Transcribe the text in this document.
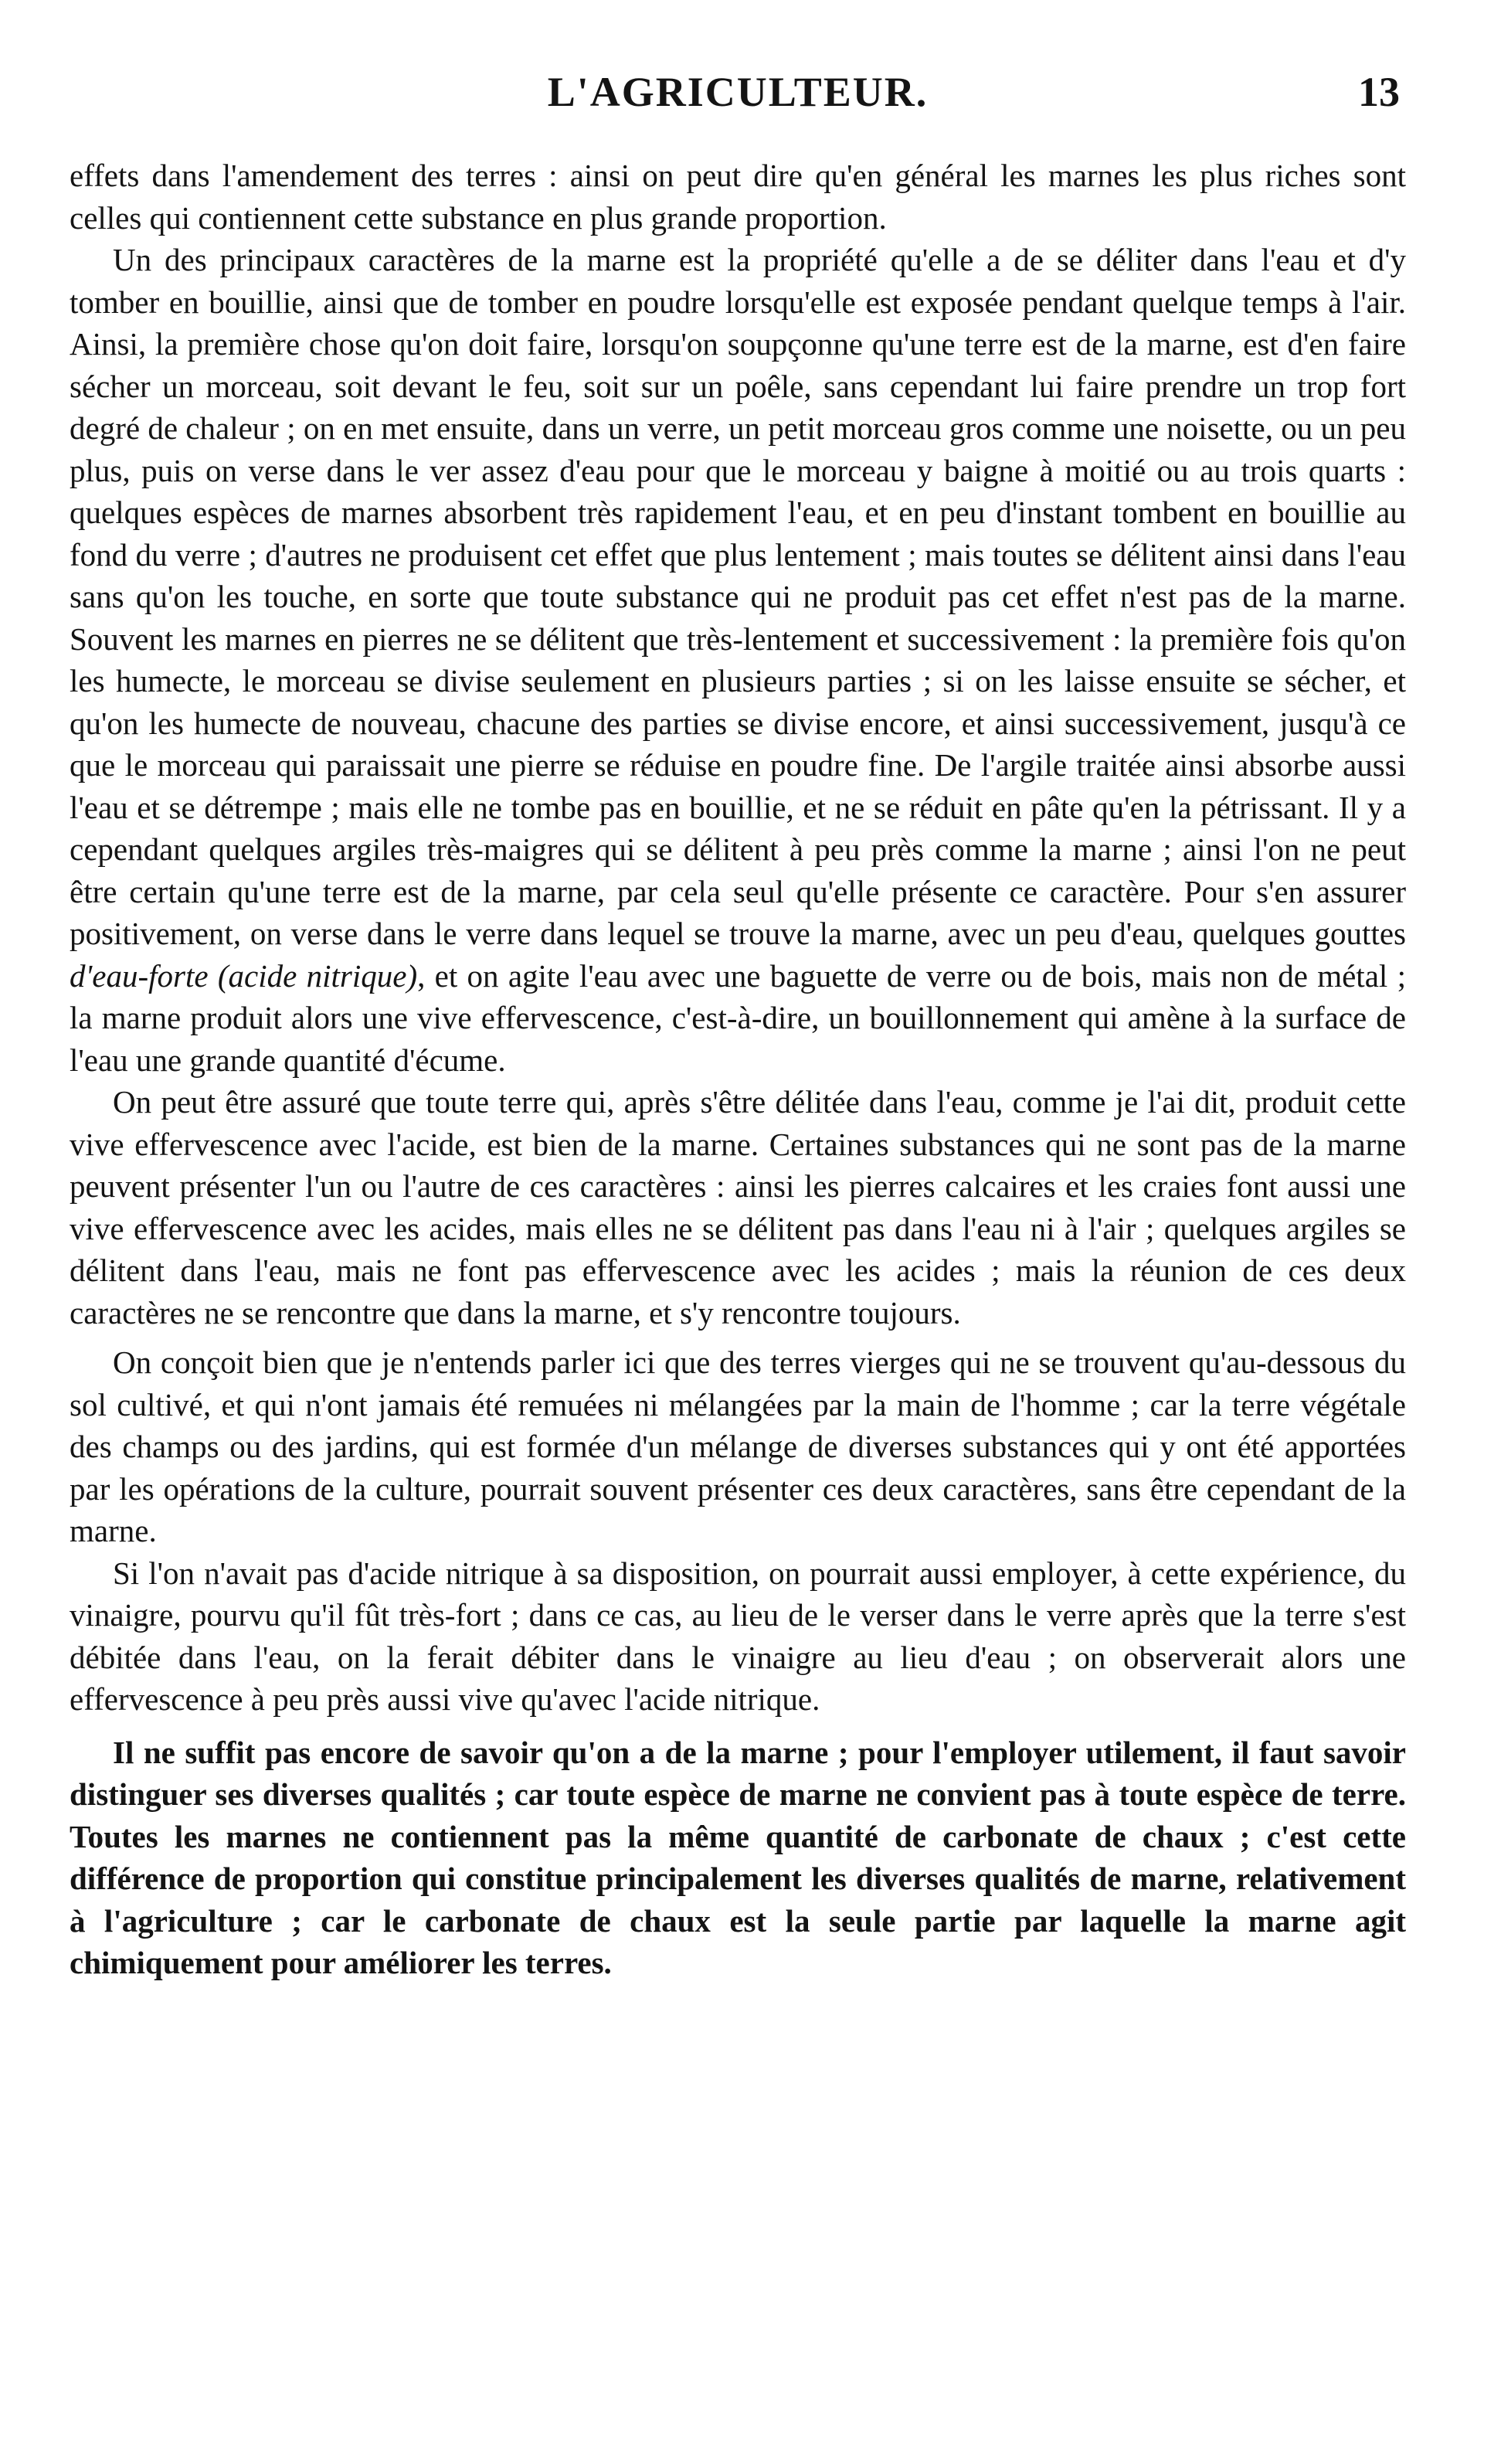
L'AGRICULTEUR.	13

effets dans l'amendement des terres : ainsi on peut dire qu'en général les marnes les plus riches sont celles qui contiennent cette substance en plus grande proportion.

Un des principaux caractères de la marne est la propriété qu'elle a de se déliter dans l'eau et d'y tomber en bouillie, ainsi que de tomber en poudre lorsqu'elle est exposée pendant quelque temps à l'air. Ainsi, la première chose qu'on doit faire, lorsqu'on soupçonne qu'une terre est de la marne, est d'en faire sécher un morceau, soit devant le feu, soit sur un poêle, sans cependant lui faire prendre un trop fort degré de chaleur ; on en met ensuite, dans un verre, un petit morceau gros comme une noisette, ou un peu plus, puis on verse dans le ver assez d'eau pour que le morceau y baigne à moitié ou au trois quarts : quelques espèces de marnes absorbent très rapidement l'eau, et en peu d'instant tombent en bouillie au fond du verre ; d'autres ne produisent cet effet que plus lentement ; mais toutes se délitent ainsi dans l'eau sans qu'on les touche, en sorte que toute substance qui ne produit pas cet effet n'est pas de la marne. Souvent les marnes en pierres ne se délitent que très-lentement et successivement : la première fois qu'on les humecte, le morceau se divise seulement en plusieurs parties ; si on les laisse ensuite se sécher, et qu'on les humecte de nouveau, chacune des parties se divise encore, et ainsi successivement, jusqu'à ce que le morceau qui paraissait une pierre se réduise en poudre fine. De l'argile traitée ainsi absorbe aussi l'eau et se détrempe ; mais elle ne tombe pas en bouillie, et ne se réduit en pâte qu'en la pétrissant. Il y a cependant quelques argiles très-maigres qui se délitent à peu près comme la marne ; ainsi l'on ne peut être certain qu'une terre est de la marne, par cela seul qu'elle présente ce caractère. Pour s'en assurer positivement, on verse dans le verre dans lequel se trouve la marne, avec un peu d'eau, quelques gouttes d'eau-forte (acide nitrique), et on agite l'eau avec une baguette de verre ou de bois, mais non de métal ; la marne produit alors une vive effervescence, c'est-à-dire, un bouillonnement qui amène à la surface de l'eau une grande quantité d'écume.

On peut être assuré que toute terre qui, après s'être délitée dans l'eau, comme je l'ai dit, produit cette vive effervescence avec l'acide, est bien de la marne. Certaines substances qui ne sont pas de la marne peuvent présenter l'un ou l'autre de ces caractères : ainsi les pierres calcaires et les craies font aussi une vive effervescence avec les acides, mais elles ne se délitent pas dans l'eau ni à l'air ; quelques argiles se délitent dans l'eau, mais ne font pas effervescence avec les acides ; mais la réunion de ces deux caractères ne se rencontre que dans la marne, et s'y rencontre toujours.

On conçoit bien que je n'entends parler ici que des terres vierges qui ne se trouvent qu'au-dessous du sol cultivé, et qui n'ont jamais été remuées ni mélangées par la main de l'homme ; car la terre végétale des champs ou des jardins, qui est formée d'un mélange de diverses substances qui y ont été apportées par les opérations de la culture, pourrait souvent présenter ces deux caractères, sans être cependant de la marne.

Si l'on n'avait pas d'acide nitrique à sa disposition, on pourrait aussi employer, à cette expérience, du vinaigre, pourvu qu'il fût très-fort ; dans ce cas, au lieu de le verser dans le verre après que la terre s'est débitée dans l'eau, on la ferait débiter dans le vinaigre au lieu d'eau ; on observerait alors une effervescence à peu près aussi vive qu'avec l'acide nitrique.

Il ne suffit pas encore de savoir qu'on a de la marne ; pour l'employer utilement, il faut savoir distinguer ses diverses qualités ; car toute espèce de marne ne convient pas à toute espèce de terre. Toutes les marnes ne contiennent pas la même quantité de carbonate de chaux ; c'est cette différence de proportion qui constitue principalement les diverses qualités de marne, relativement à l'agriculture ; car le carbonate de chaux est la seule partie par laquelle la marne agit chimiquement pour améliorer les terres.
